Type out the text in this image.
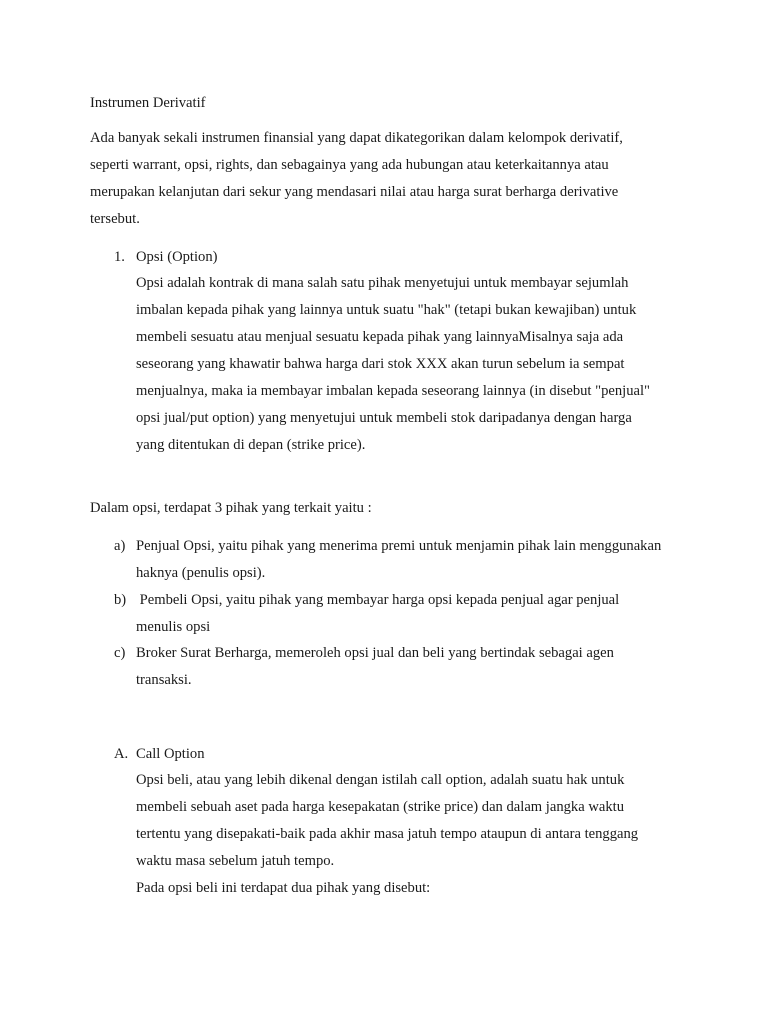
Instrumen Derivatif
Ada banyak sekali instrumen finansial yang dapat dikategorikan dalam kelompok derivatif,
seperti warrant, opsi, rights, dan sebagainya yang ada hubungan atau keterkaitannya atau
merupakan kelanjutan dari sekur yang mendasari nilai atau harga surat berharga derivative
tersebut.
1. Opsi (Option)
Opsi adalah kontrak di mana salah satu pihak menyetujui untuk membayar sejumlah
imbalan kepada pihak yang lainnya untuk suatu "hak" (tetapi bukan kewajiban) untuk
membeli sesuatu atau menjual sesuatu kepada pihak yang lainnyaMisalnya saja ada
seseorang yang khawatir bahwa harga dari stok XXX akan turun sebelum ia sempat
menjualnya, maka ia membayar imbalan kepada seseorang lainnya (in disebut "penjual"
opsi jual/put option) yang menyetujui untuk membeli stok daripadanya dengan harga
yang ditentukan di depan (strike price).
Dalam opsi, terdapat 3 pihak yang terkait yaitu :
a) Penjual Opsi, yaitu pihak yang menerima premi untuk menjamin pihak lain menggunakan
haknya (penulis opsi).
b) Pembeli Opsi, yaitu pihak yang membayar harga opsi kepada penjual agar penjual
menulis opsi
c) Broker Surat Berharga, memeroleh opsi jual dan beli yang bertindak sebagai agen
transaksi.
A. Call Option
Opsi beli, atau yang lebih dikenal dengan istilah call option, adalah suatu hak untuk
membeli sebuah aset pada harga kesepakatan (strike price) dan dalam jangka waktu
tertentu yang disepakati-baik pada akhir masa jatuh tempo ataupun di antara tenggang
waktu masa sebelum jatuh tempo.
Pada opsi beli ini terdapat dua pihak yang disebut:
